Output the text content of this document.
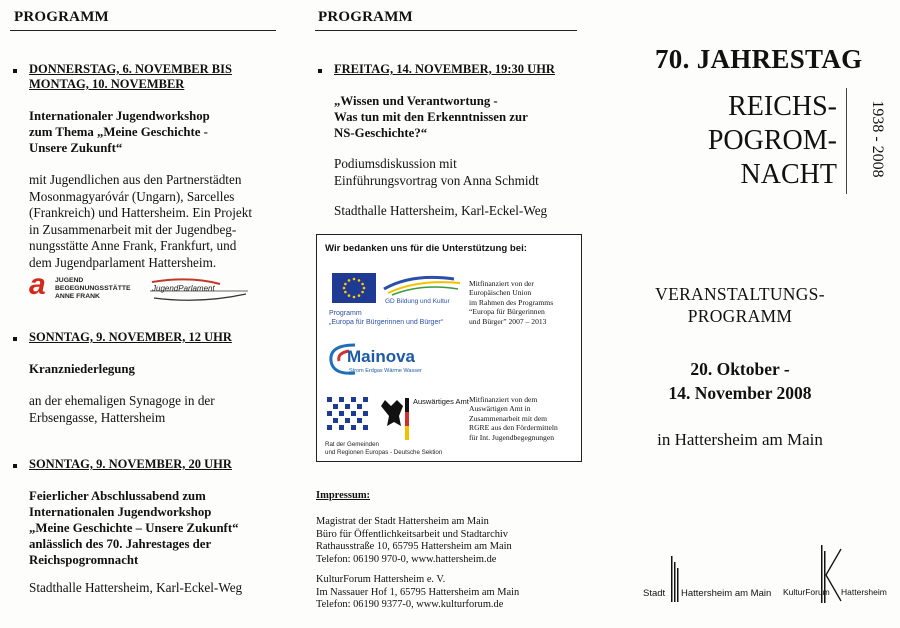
PROGRAMM
DONNERSTAG, 6. NOVEMBER BIS MONTAG, 10. NOVEMBER
Internationaler Jugendworkshop
zum Thema „Meine Geschichte -
Unsere Zukunft“
mit Jugendlichen aus den Partnerstädten
Mosonmagyaróvár (Ungarn), Sarcelles
(Frankreich) und Hattersheim. Ein Projekt
in Zusammenarbeit mit der Jugendbeg-
nungsstätte Anne Frank, Frankfurt, und
dem Jugendparlament Hattersheim.
a JUGEND
BEGEGNUNGSSTÄTTE
ANNE FRANK
JugendParlament
SONNTAG, 9. NOVEMBER, 12 UHR
Kranzniederlegung
an der ehemaligen Synagoge in der
Erbsengasse, Hattersheim
SONNTAG, 9. NOVEMBER, 20 UHR
Feierlicher Abschlussabend zum
Internationalen Jugendworkshop
„Meine Geschichte – Unsere Zukunft“
anlässlich des 70. Jahrestages der
Reichspogromnacht
Stadthalle Hattersheim, Karl-Eckel-Weg
PROGRAMM
FREITAG, 14. NOVEMBER, 19:30 UHR
„Wissen und Verantwortung -
Was tun mit den Erkenntnissen zur
NS-Geschichte?“
Podiumsdiskussion mit
Einführungsvortrag von Anna Schmidt
Stadthalle Hattersheim, Karl-Eckel-Weg
Wir bedanken uns für die Unterstützung bei:
GD Bildung und Kultur
Programm
„Europa für Bürgerinnen und Bürger“
Mitfinanziert von der
Europäischen Union
im Rahmen des Programms
“Europa für Bürgerinnen
und Bürger” 2007 – 2013
Mainova
Strom Erdgas Wärme Wasser
Auswärtiges Amt
Rat der Gemeinden
und Regionen Europas - Deutsche Sektion
Mitfinanziert von dem
Auswärtigen Amt in
Zusammenarbeit mit dem
RGRE aus den Fördermitteln
für Int. Jugendbegegnungen
Impressum:
Magistrat der Stadt Hattersheim am Main
Büro für Öffentlichkeitsarbeit und Stadtarchiv
Rathausstraße 10, 65795 Hattersheim am Main
Telefon: 06190 970-0, www.hattersheim.de
KulturForum Hattersheim e. V.
Im Nassauer Hof 1, 65795 Hattersheim am Main
Telefon: 06190 9377-0, www.kulturforum.de
70. JAHRESTAG
REICHS-
POGROM-
NACHT 1938 - 2008
VERANSTALTUNGS-
PROGRAMM
20. Oktober -
14. November 2008
in Hattersheim am Main
Stadt Hattersheim am Main KulturForum Hattersheim
